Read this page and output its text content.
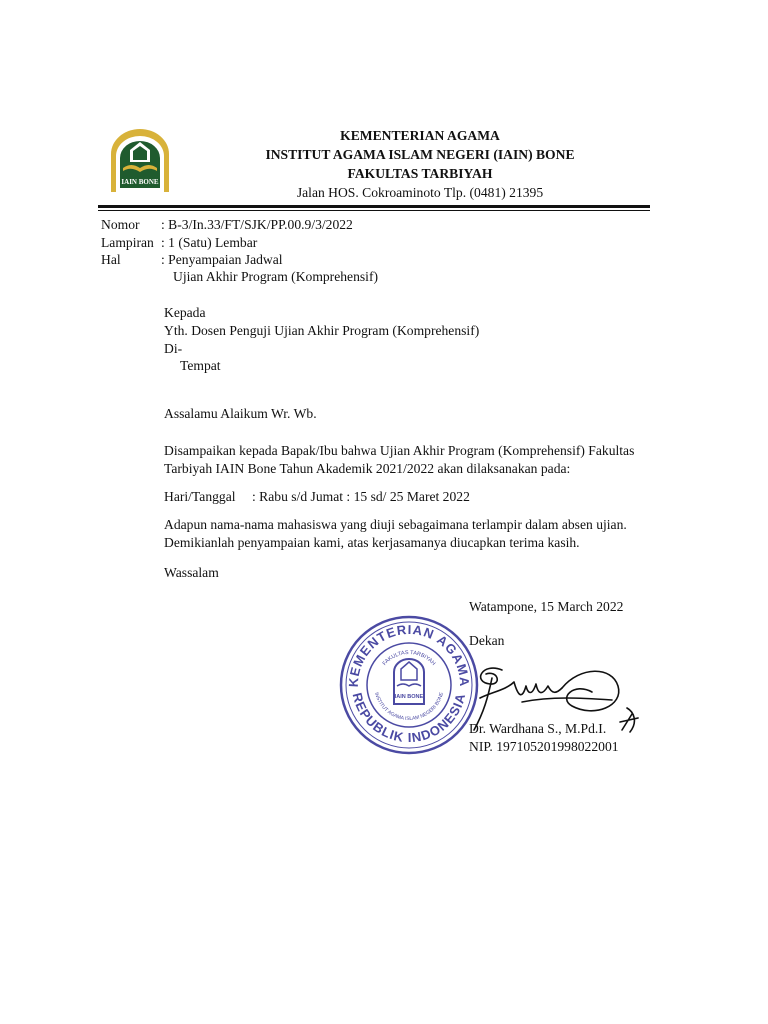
IAIN BONE
KEMENTERIAN AGAMA
INSTITUT AGAMA ISLAM NEGERI (IAIN) BONE
FAKULTAS TARBIYAH
Jalan HOS. Cokroaminoto Tlp. (0481) 21395
Nomor : B-3/In.33/FT/SJK/PP.00.9/3/2022
Lampiran : 1 (Satu) Lembar
Hal	: Penyampaian Jadwal
Ujian Akhir Program (Komprehensif)
Kepada
Yth. Dosen Penguji Ujian Akhir Program (Komprehensif)
Di-
Tempat
Assalamu Alaikum Wr. Wb.
Disampaikan kepada Bapak/Ibu bahwa Ujian Akhir Program (Komprehensif) Fakultas
Tarbiyah IAIN Bone Tahun Akademik 2021/2022 akan dilaksanakan pada:
Hari/Tanggal : Rabu s/d Jumat : 15 sd/ 25 Maret 2022
Adapun nama-nama mahasiswa yang diuji sebagaimana terlampir dalam absen ujian.
Demikianlah penyampaian kami, atas kerjasamanya diucapkan terima kasih.
Wassalam
Watampone, 15 March 2022
Dekan
KEMENTERIAN AGAMA
REPUBLIK INDONESIA
FAKULTAS TARBIYAH
INSTITUT AGAMA ISLAM NEGERI BONE
IAIN BONE
Dr. Wardhana S., M.Pd.I.
NIP. 197105201998022001
